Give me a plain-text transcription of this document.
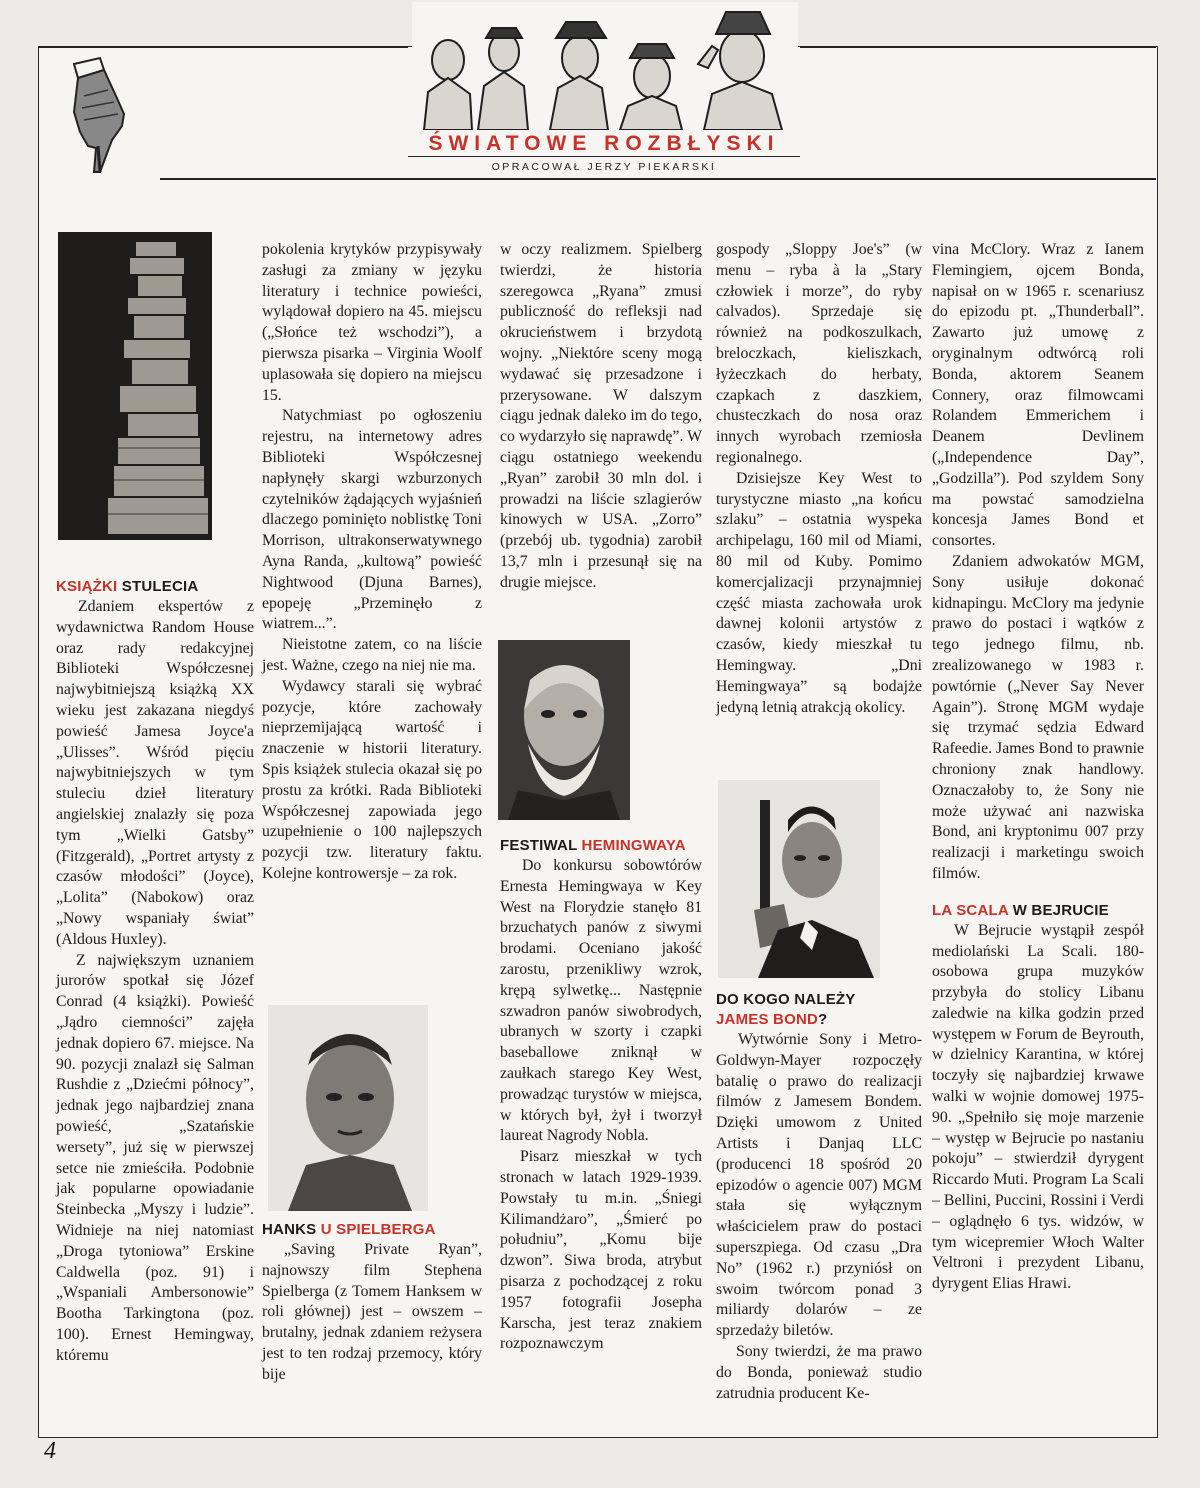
ŚWIATOWE ROZBŁYSKI
OPRACOWAŁ JERZY PIEKARSKI
KSIĄŻKI STULECIA

Zdaniem ekspertów z wydawnictwa Random House oraz rady redakcyjnej Biblioteki Współczesnej najwybitniejszą książką XX wieku jest zakazana niegdyś powieść Jamesa Joyce'a „Ulisses”. Wśród pięciu najwybitniejszych w tym stuleciu dzieł literatury angielskiej znalazły się poza tym „Wielki Gatsby” (Fitzgerald), „Portret artysty z czasów młodości” (Joyce), „Lolita” (Nabokow) oraz „Nowy wspaniały świat” (Aldous Huxley).

Z największym uznaniem jurorów spotkał się Józef Conrad (4 książki). Powieść „Jądro ciemności” zajęła jednak dopiero 67. miejsce. Na 90. pozycji znalazł się Salman Rushdie z „Dziećmi północy”, jednak jego najbardziej znana powieść, „Szatańskie wersety”, już się w pierwszej setce nie zmieściła. Podobnie jak popularne opowiadanie Steinbecka „Myszy i ludzie”. Widnieje na niej natomiast „Droga tytoniowa” Erskine Caldwella (poz. 91) i „Wspaniali Ambersonowie” Bootha Tarkingtona (poz. 100). Ernest Hemingway, któremu

pokolenia krytyków przypisywały zasługi za zmiany w języku literatury i technice powieści, wylądował dopiero na 45. miejscu („Słońce też wschodzi”), a pierwsza pisarka – Virginia Woolf uplasowała się dopiero na miejscu 15.

Natychmiast po ogłoszeniu rejestru, na internetowy adres Biblioteki Współczesnej napłynęły skargi wzburzonych czytelników żądających wyjaśnień dlaczego pominięto noblistkę Toni Morrison, ultrakonserwatywnego Ayna Randa, „kultową” powieść Nightwood (Djuna Barnes), epopeję „Przeminęło z wiatrem...”.

Nieistotne zatem, co na liście jest. Ważne, czego na niej nie ma.

Wydawcy starali się wybrać pozycje, które zachowały nieprzemijającą wartość i znaczenie w historii literatury. Spis książek stulecia okazał się po prostu za krótki. Rada Biblioteki Współczesnej zapowiada jego uzupełnienie o 100 najlepszych pozycji tzw. literatury faktu. Kolejne kontrowersje – za rok.

HANKS U SPIELBERGA

„Saving Private Ryan”, najnowszy film Stephena Spielberga (z Tomem Hanksem w roli głównej) jest – owszem – brutalny, jednak zdaniem reżysera jest to ten rodzaj przemocy, który bije

w oczy realizmem. Spielberg twierdzi, że historia szeregowca „Ryana” zmusi publiczność do refleksji nad okrucieństwem i brzydotą wojny. „Niektóre sceny mogą wydawać się przesadzone i przerysowane. W dalszym ciągu jednak daleko im do tego, co wydarzyło się naprawdę”. W ciągu ostatniego weekendu „Ryan” zarobił 30 mln dol. i prowadzi na liście szlagierów kinowych w USA. „Zorro” (przebój ub. tygodnia) zarobił 13,7 mln i przesunął się na drugie miejsce.

FESTIWAL HEMINGWAYA

Do konkursu sobowtórów Ernesta Hemingwaya w Key West na Florydzie stanęło 81 brzuchatych panów z siwymi brodami. Oceniano jakość zarostu, przenikliwy wzrok, krępą sylwetkę... Następnie szwadron panów siwobrodych, ubranych w szorty i czapki baseballowe zniknął w zaułkach starego Key West, prowadząc turystów w miejsca, w których był, żył i tworzył laureat Nagrody Nobla.

Pisarz mieszkał w tych stronach w latach 1929-1939. Powstały tu m.in. „Śniegi Kilimandżaro”, „Śmierć po południu”, „Komu bije dzwon”. Siwa broda, atrybut pisarza z pochodzącej z roku 1957 fotografii Josepha Karscha, jest teraz znakiem rozpoznawczym

gospody „Sloppy Joe's” (w menu – ryba à la „Stary człowiek i morze”, do ryby calvados). Sprzedaje się również na podkoszulkach, breloczkach, kieliszkach, łyżeczkach do herbaty, czapkach z daszkiem, chusteczkach do nosa oraz innych wyrobach rzemiosła regionalnego.

Dzisiejsze Key West to turystyczne miasto „na końcu szlaku” – ostatnia wyspeka archipelagu, 160 mil od Miami, 80 mil od Kuby. Pomimo komercjalizacji przynajmniej część miasta zachowała urok dawnej kolonii artystów z czasów, kiedy mieszkał tu Hemingway. „Dni Hemingwaya” są bodajże jedyną letnią atrakcją okolicy.

DO KOGO NALEŻY
JAMES BOND?

Wytwórnie Sony i Metro-Goldwyn-Mayer rozpoczęły batalię o prawo do realizacji filmów z Jamesem Bondem. Dzięki umowom z United Artists i Danjaq LLC (producenci 18 spośród 20 epizodów o agencie 007) MGM stała się wyłącznym właścicielem praw do postaci superszpiega. Od czasu „Dra No” (1962 r.) przyniósł on swoim twórcom ponad 3 miliardy dolarów – ze sprzedaży biletów.

Sony twierdzi, że ma prawo do Bonda, ponieważ studio zatrudnia producent Ke-

vina McClory. Wraz z Ianem Flemingiem, ojcem Bonda, napisał on w 1965 r. scenariusz do epizodu pt. „Thunderball”. Zawarto już umowę z oryginalnym odtwórcą roli Bonda, aktorem Seanem Connery, oraz filmowcami Rolandem Emmerichem i Deanem Devlinem („Independence Day”, „Godzilla”). Pod szyldem Sony ma powstać samodzielna koncesja James Bond et consortes.

Zdaniem adwokatów MGM, Sony usiłuje dokonać kidnapingu. McClory ma jedynie prawo do postaci i wątków z tego jednego filmu, nb. zrealizowanego w 1983 r. powtórnie („Never Say Never Again”). Stronę MGM wydaje się trzymać sędzia Edward Rafeedie. James Bond to prawnie chroniony znak handlowy. Oznaczałoby to, że Sony nie może używać ani nazwiska Bond, ani kryptonimu 007 przy realizacji i marketingu swoich filmów.

LA SCALA W BEJRUCIE

W Bejrucie wystąpił zespół mediolański La Scali. 180-osobowa grupa muzyków przybyła do stolicy Libanu zaledwie na kilka godzin przed występem w Forum de Beyrouth, w dzielnicy Karantina, w której toczyły się najbardziej krwawe walki w wojnie domowej 1975-90. „Spełniło się moje marzenie – występ w Bejrucie po nastaniu pokoju” – stwierdził dyrygent Riccardo Muti. Program La Scali – Bellini, Puccini, Rossini i Verdi – oglądnęło 6 tys. widzów, w tym wicepremier Włoch Walter Veltroni i prezydent Libanu, dyrygent Elias Hrawi.

4
